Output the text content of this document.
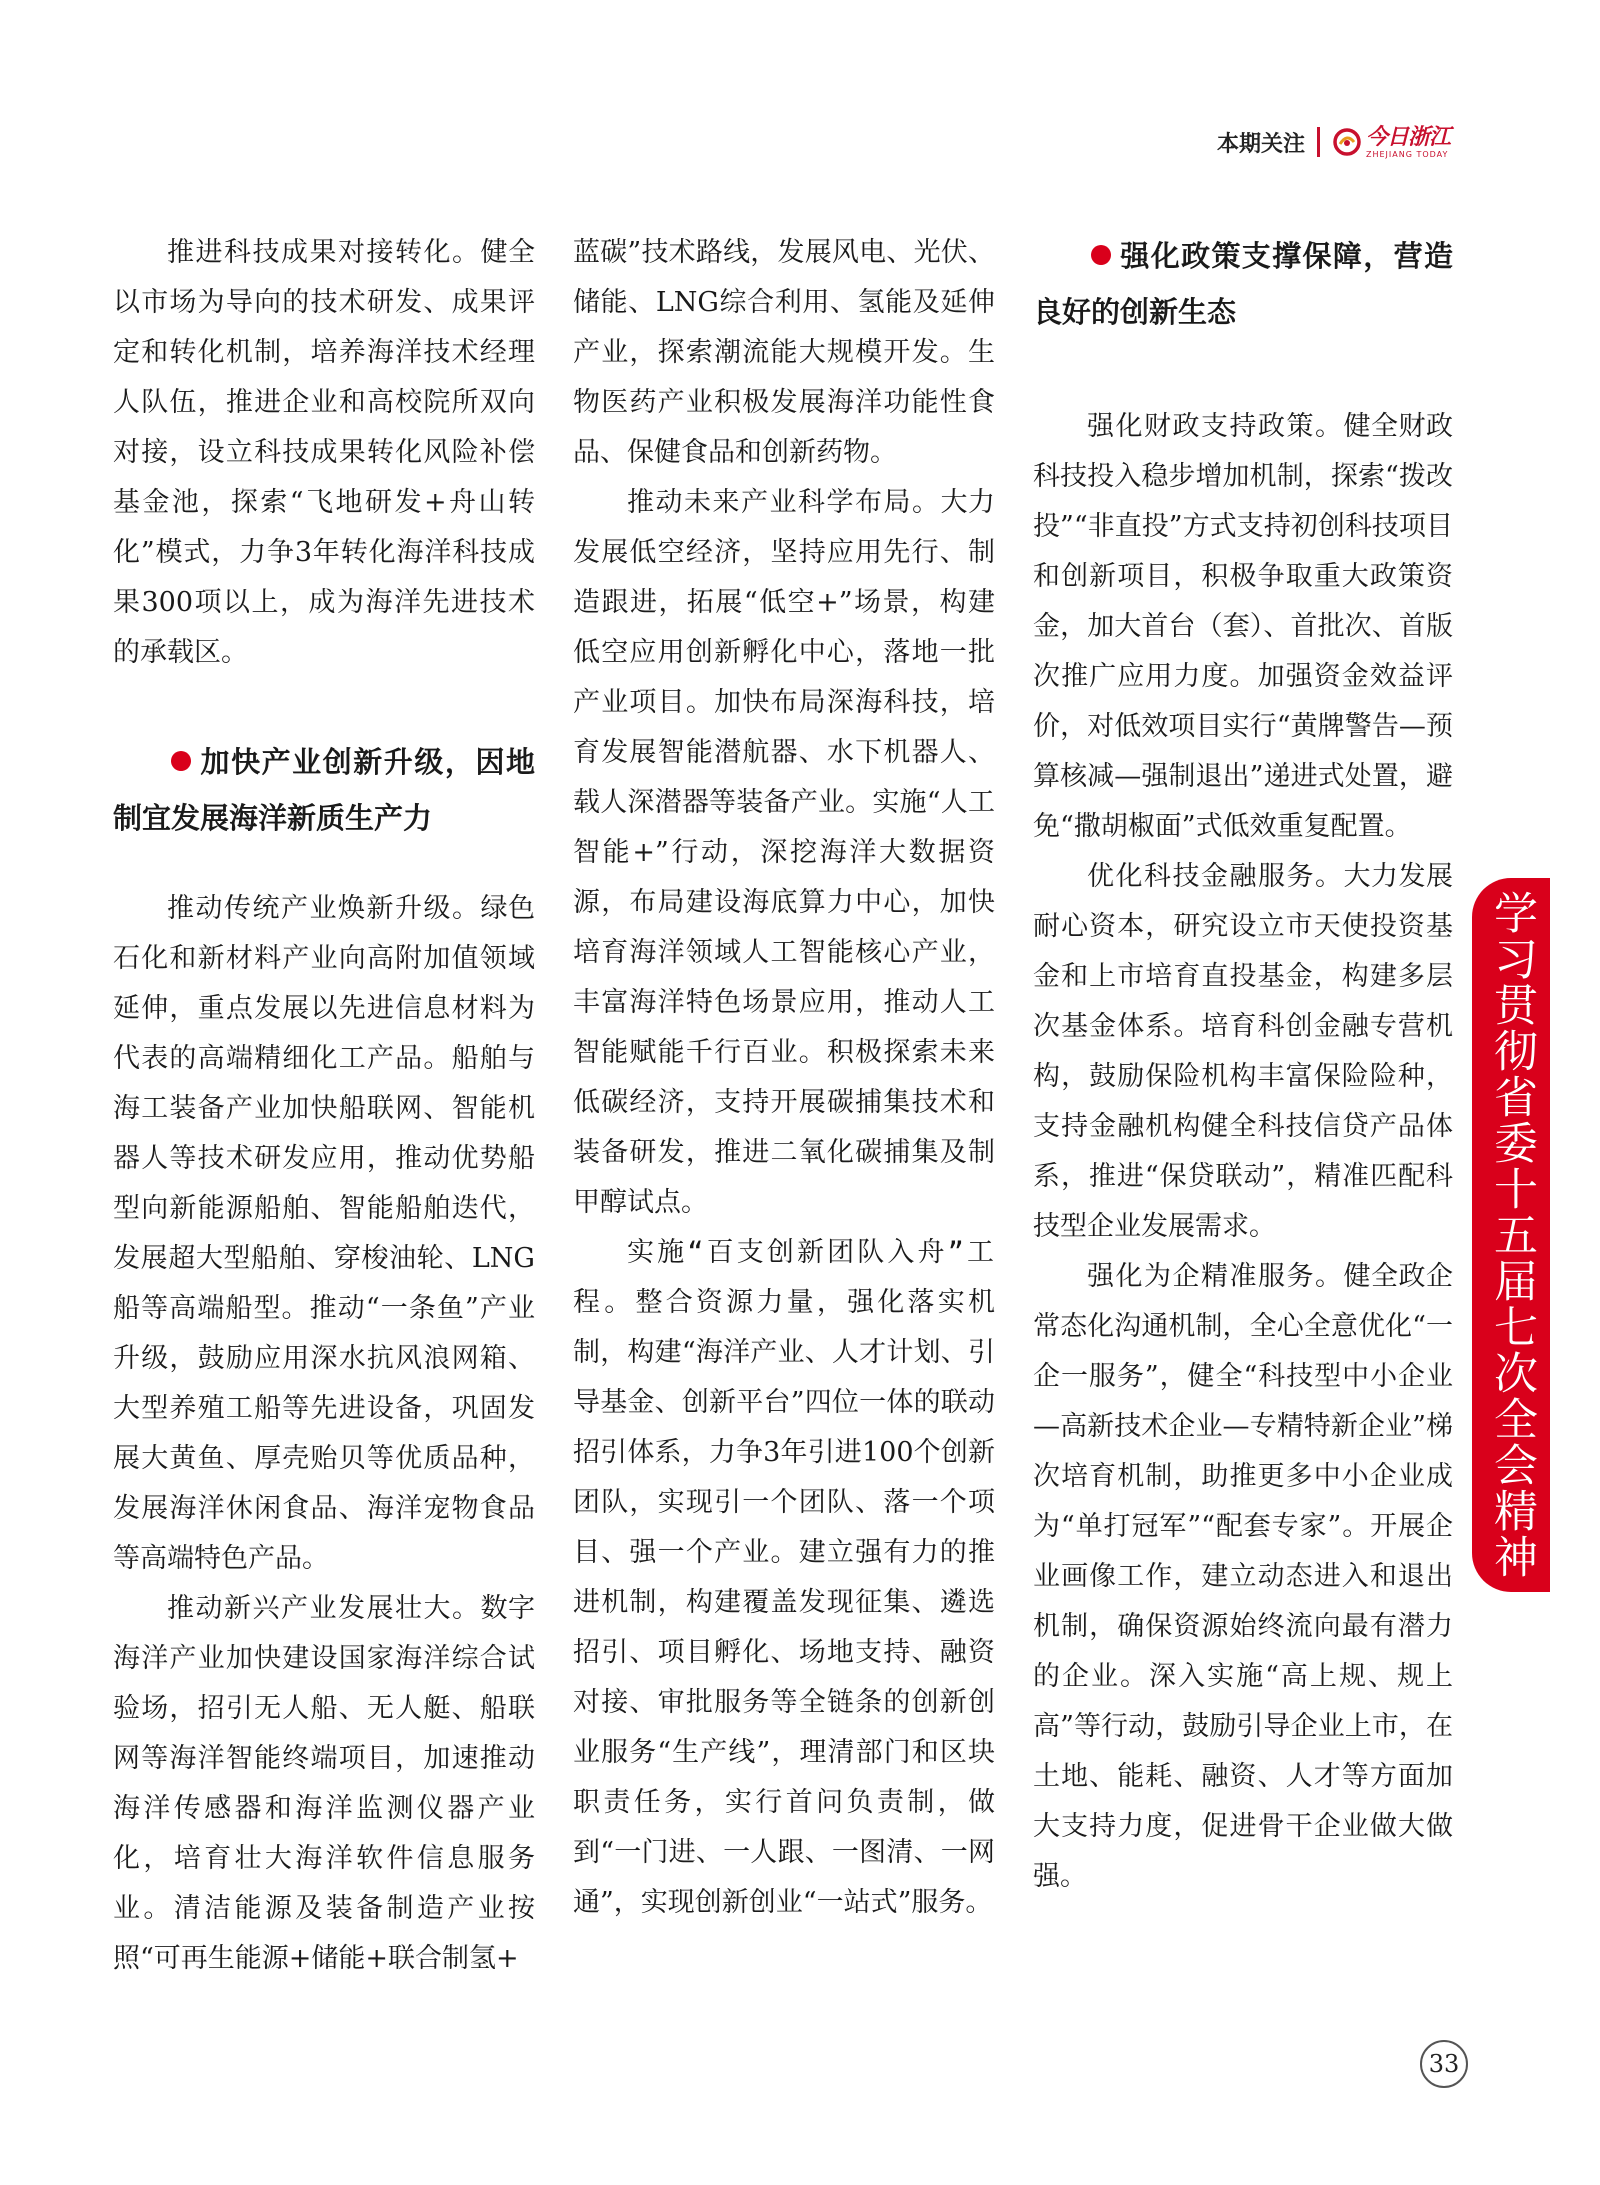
本期关注	今日浙江
ZHEJIANG TODAY

推进科技成果对接转化。健全以市场为导向的技术研发、成果评定和转化机制，培养海洋技术经理人队伍，推进企业和高校院所双向对接，设立科技成果转化风险补偿基金池，探索“飞地研发+舟山转化”模式，力争3年转化海洋科技成果300项以上，成为海洋先进技术的承载区。

加快产业创新升级，因地制宜发展海洋新质生产力

推动传统产业焕新升级。绿色石化和新材料产业向高附加值领域延伸，重点发展以先进信息材料为代表的高端精细化工产品。船舶与海工装备产业加快船联网、智能机器人等技术研发应用，推动优势船型向新能源船舶、智能船舶迭代，发展超大型船舶、穿梭油轮、LNG船等高端船型。推动“一条鱼”产业升级，鼓励应用深水抗风浪网箱、大型养殖工船等先进设备，巩固发展大黄鱼、厚壳贻贝等优质品种，发展海洋休闲食品、海洋宠物食品等高端特色产品。

推动新兴产业发展壮大。数字海洋产业加快建设国家海洋综合试验场，招引无人船、无人艇、船联网等海洋智能终端项目，加速推动海洋传感器和海洋监测仪器产业化，培育壮大海洋软件信息服务业。清洁能源及装备制造产业按照“可再生能源+储能+联合制氢+

蓝碳”技术路线，发展风电、光伏、储能、LNG综合利用、氢能及延伸产业，探索潮流能大规模开发。生物医药产业积极发展海洋功能性食品、保健食品和创新药物。

推动未来产业科学布局。大力发展低空经济，坚持应用先行、制造跟进，拓展“低空+”场景，构建低空应用创新孵化中心，落地一批产业项目。加快布局深海科技，培育发展智能潜航器、水下机器人、载人深潜器等装备产业。实施“人工智能+”行动，深挖海洋大数据资源，布局建设海底算力中心，加快培育海洋领域人工智能核心产业，丰富海洋特色场景应用，推动人工智能赋能千行百业。积极探索未来低碳经济，支持开展碳捕集技术和装备研发，推进二氧化碳捕集及制甲醇试点。

实施“百支创新团队入舟”工程。整合资源力量，强化落实机制，构建“海洋产业、人才计划、引导基金、创新平台”四位一体的联动招引体系，力争3年引进100个创新团队，实现引一个团队、落一个项目、强一个产业。建立强有力的推进机制，构建覆盖发现征集、遴选招引、项目孵化、场地支持、融资对接、审批服务等全链条的创新创业服务“生产线”，理清部门和区块职责任务，实行首问负责制，做到“一门进、一人跟、一图清、一网通”，实现创新创业“一站式”服务。

强化政策支撑保障，营造良好的创新生态

强化财政支持政策。健全财政科技投入稳步增加机制，探索“拨改投”“非直投”方式支持初创科技项目和创新项目，积极争取重大政策资金，加大首台（套）、首批次、首版次推广应用力度。加强资金效益评价，对低效项目实行“黄牌警告—预算核减—强制退出”递进式处置，避免“撒胡椒面”式低效重复配置。

优化科技金融服务。大力发展耐心资本，研究设立市天使投资基金和上市培育直投基金，构建多层次基金体系。培育科创金融专营机构，鼓励保险机构丰富保险险种，支持金融机构健全科技信贷产品体系，推进“保贷联动”，精准匹配科技型企业发展需求。

强化为企精准服务。健全政企常态化沟通机制，全心全意优化“一企一服务”，健全“科技型中小企业—高新技术企业—专精特新企业”梯次培育机制，助推更多中小企业成为“单打冠军”“配套专家”。开展企业画像工作，建立动态进入和退出机制，确保资源始终流向最有潜力的企业。深入实施“高上规、规上高”等行动，鼓励引导企业上市，在土地、能耗、融资、人才等方面加大支持力度，促进骨干企业做大做强。

学习贯彻省委十五届七次全会精神
33
